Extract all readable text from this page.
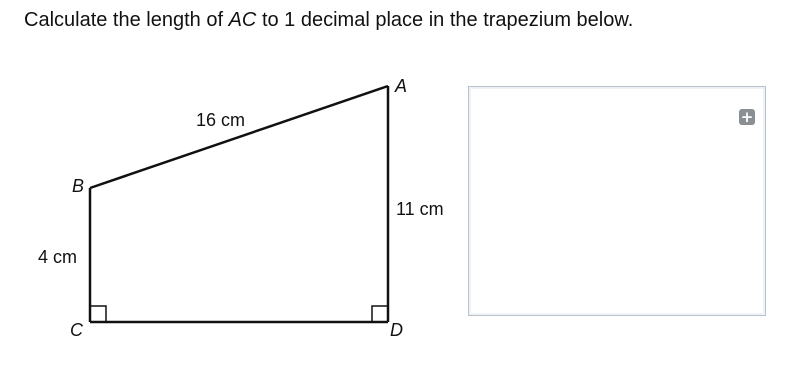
Calculate the length of AC to 1 decimal place in the trapezium below.
A
B
C	D
16 cm
11 cm
4 cm
+
